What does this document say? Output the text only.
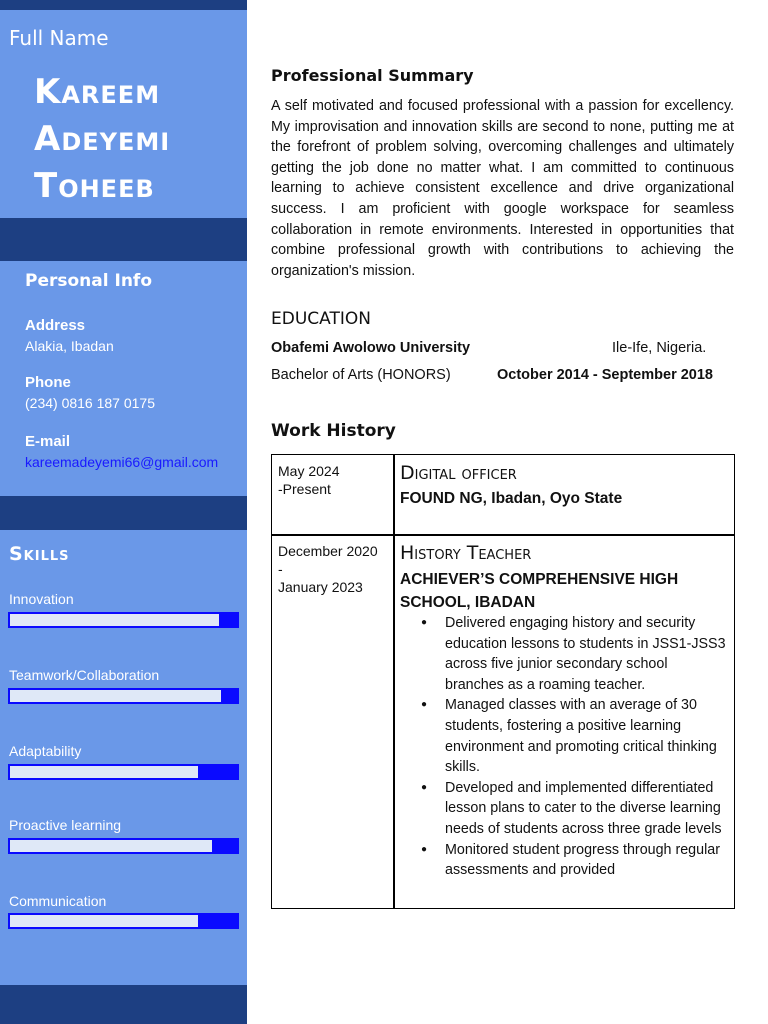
Full Name
Kareem
Adeyemi
Toheeb
Personal Info
Address
Alakia, Ibadan
Phone
(234) 0816 187 0175
E-mail
kareemadeyemi66@gmail.com
Skills
Innovation
Excellent
Teamwork/Collaboration
Excellent
Adaptability
Very Good
Proactive learning
Excellent
Communication
Very Good
Professional Summary
A self motivated and focused professional with a passion for excellency. My improvisation and innovation skills are second to none, putting me at the forefront of problem solving, overcoming challenges and ultimately getting the job done no matter what. I am committed to continuous learning to achieve consistent excellence and drive organizational success. I am proficient with google workspace for seamless collaboration in remote environments. Interested in opportunities that combine professional growth with contributions to achieving the organization's mission.
EDUCATION
Obafemi Awolowo University	Ile-Ife, Nigeria.
Bachelor of Arts (HONORS)	October 2014 - September 2018
Work History
May 2024
-Present
Digital officer
FOUND NG, Ibadan, Oyo State
December 2020
-
January 2023
History Teacher
ACHIEVER’S COMPREHENSIVE HIGH SCHOOL, IBADAN
● Delivered engaging history and security education lessons to students in JSS1-JSS3 across five junior secondary school branches as a roaming teacher.
● Managed classes with an average of 30 students, fostering a positive learning environment and promoting critical thinking skills.
● Developed and implemented differentiated lesson plans to cater to the diverse learning needs of students across three grade levels
● Monitored student progress through regular assessments and provided
